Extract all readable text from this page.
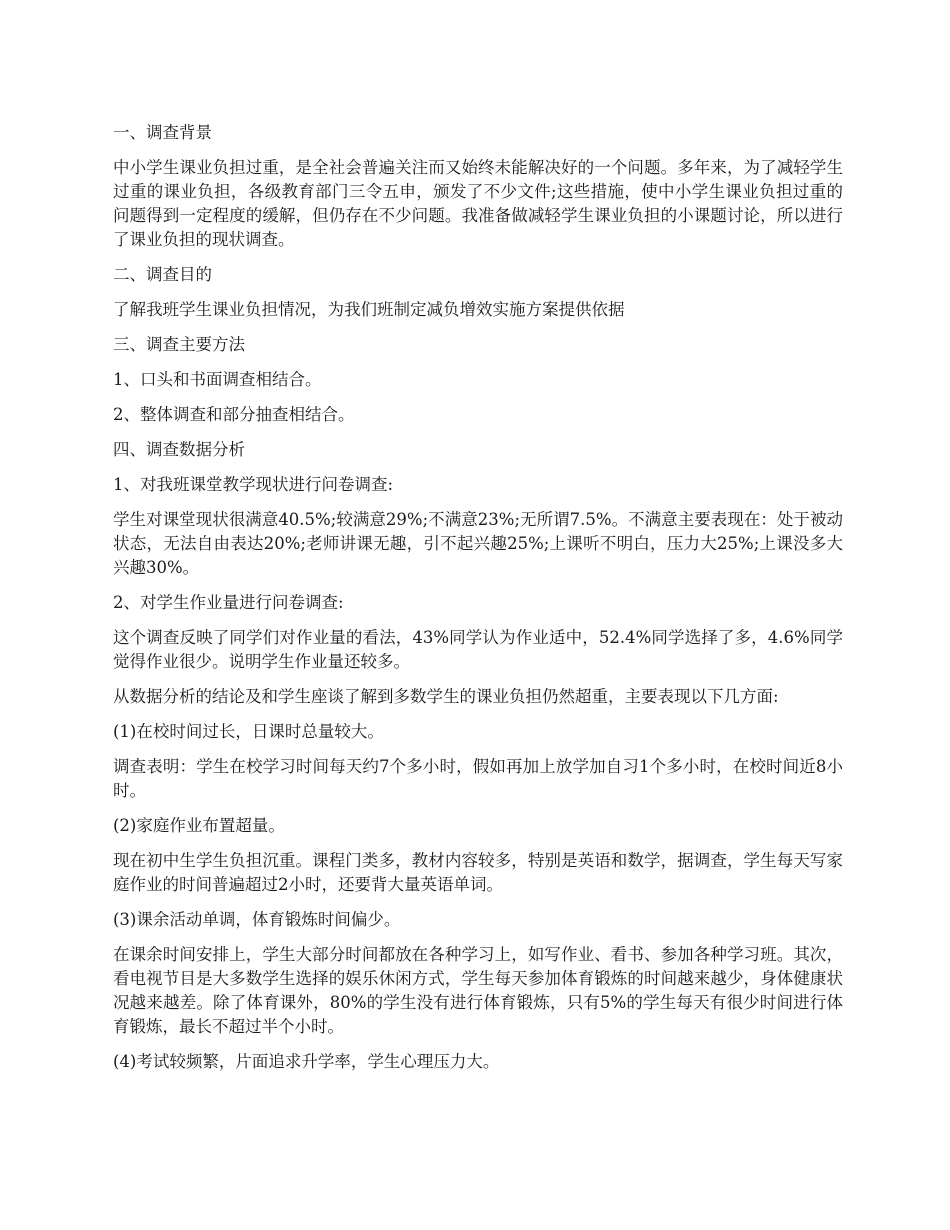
一、调查背景

中小学生课业负担过重，是全社会普遍关注而又始终未能解决好的一个问题。多年来，为了减轻学生过重的课业负担，各级教育部门三令五申，颁发了不少文件;这些措施，使中小学生课业负担过重的问题得到一定程度的缓解，但仍存在不少问题。我准备做减轻学生课业负担的小课题讨论，所以进行了课业负担的现状调查。

二、调查目的

了解我班学生课业负担情况，为我们班制定减负增效实施方案提供依据

三、调查主要方法

1、口头和书面调查相结合。

2、整体调查和部分抽查相结合。

四、调查数据分析

1、对我班课堂教学现状进行问卷调查:

学生对课堂现状很满意40.5%;较满意29%;不满意23%;无所谓7.5%。不满意主要表现在：处于被动状态，无法自由表达20%;老师讲课无趣，引不起兴趣25%;上课听不明白，压力大25%;上课没多大兴趣30%。

2、对学生作业量进行问卷调查:

这个调查反映了同学们对作业量的看法，43%同学认为作业适中，52.4%同学选择了多，4.6%同学觉得作业很少。说明学生作业量还较多。

从数据分析的结论及和学生座谈了解到多数学生的课业负担仍然超重，主要表现以下几方面:

(1)在校时间过长，日课时总量较大。

调查表明：学生在校学习时间每天约7个多小时，假如再加上放学加自习1个多小时，在校时间近8小时。

(2)家庭作业布置超量。

现在初中生学生负担沉重。课程门类多，教材内容较多，特别是英语和数学，据调查，学生每天写家庭作业的时间普遍超过2小时，还要背大量英语单词。

(3)课余活动单调，体育锻炼时间偏少。

在课余时间安排上，学生大部分时间都放在各种学习上，如写作业、看书、参加各种学习班。其次，看电视节目是大多数学生选择的娱乐休闲方式，学生每天参加体育锻炼的时间越来越少，身体健康状况越来越差。除了体育课外，80%的学生没有进行体育锻炼，只有5%的学生每天有很少时间进行体育锻炼，最长不超过半个小时。

(4)考试较频繁，片面追求升学率，学生心理压力大。
